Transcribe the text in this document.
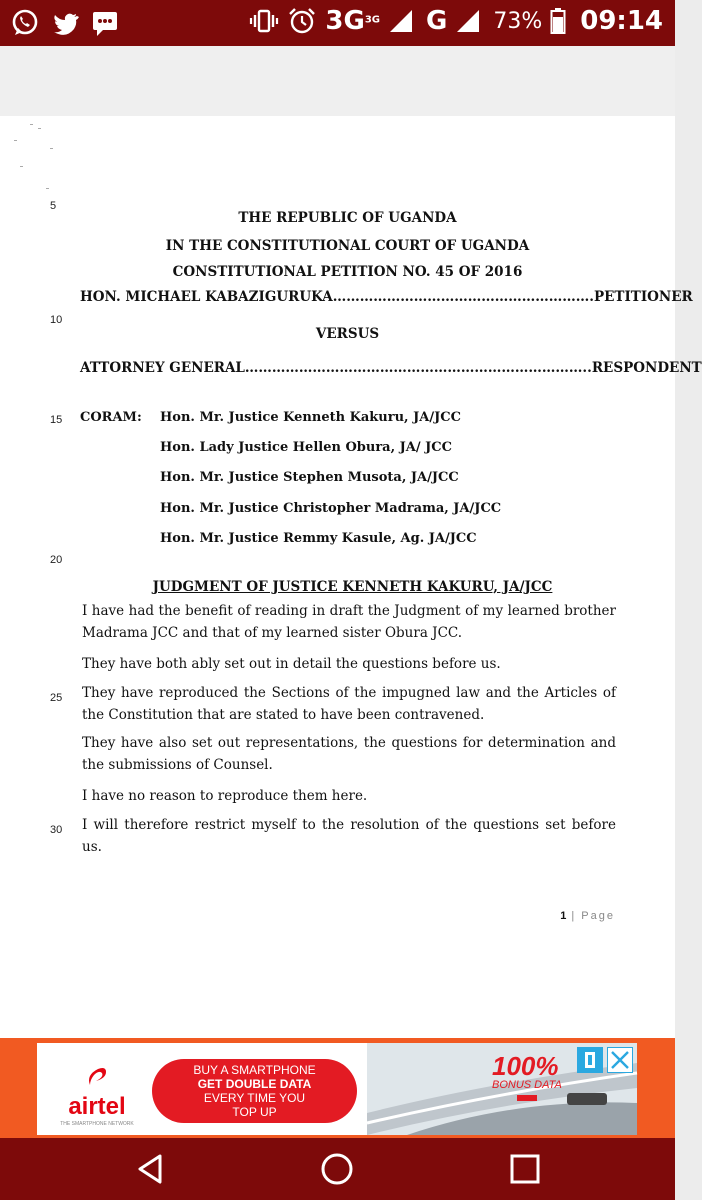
$3G^{3G}$ G 73% 09:14
5
10
15
20
25
30
THE REPUBLIC OF UGANDA
IN THE CONSTITUTIONAL COURT OF UGANDA
CONSTITUTIONAL PETITION NO. 45 OF 2016
HON. MICHAEL KABAZIGURUKA………………………………………………….PETITIONER
VERSUS
ATTORNEY GENERAL…………………………………………………………………..RESPONDENT
CORAM: Hon. Mr. Justice Kenneth Kakuru, JA/JCC
Hon. Lady Justice Hellen Obura, JA/ JCC
Hon. Mr. Justice Stephen Musota, JA/JCC
Hon. Mr. Justice Christopher Madrama, JA/JCC
Hon. Mr. Justice Remmy Kasule, Ag. JA/JCC
JUDGMENT OF JUSTICE KENNETH KAKURU, JA/JCC
I have had the benefit of reading in draft the Judgment of my learned brother Madrama JCC and that of my learned sister Obura JCC.
They have both ably set out in detail the questions before us.
They have reproduced the Sections of the impugned law and the Articles of the Constitution that are stated to have been contravened.
They have also set out representations, the questions for determination and the submissions of Counsel.
I have no reason to reproduce them here.
I will therefore restrict myself to the resolution of the questions set before us.
1 | Page
airtel
THE SMARTPHONE NETWORK
BUY A SMARTPHONE
GET DOUBLE DATA
EVERY TIME YOU
TOP UP
100%
BONUS DATA
